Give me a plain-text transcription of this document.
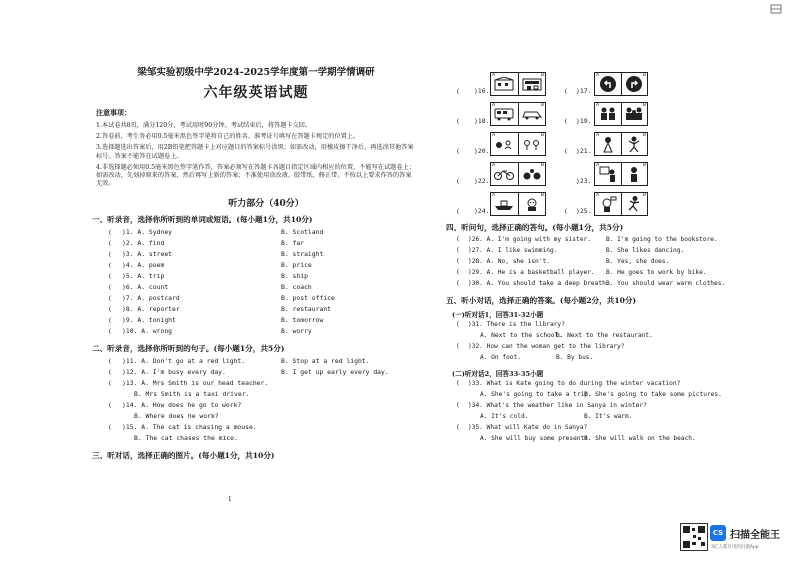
梁邹实验初级中学2024-2025学年度第一学期学情调研
六年级英语试题
注意事项：
1.本试卷共8页，满分120分，考试用时90分钟。考试结束后，将答题卡交回。
2.答卷前，考生务必用0.5毫米黑色签字笔将自己的姓名、准考证号填写在答题卡规定的位置上。
3.选择题选出答案后，用2B铅笔把答题卡上对应题目的答案标号涂黑；如需改动，用橡皮擦干净后，再选涂其他答案标号。答案不能答在试题卷上。
4.非选择题必须用0.5毫米黑色签字笔作答，答案必须写在答题卡各题目指定区域内相应的位置，不能写在试题卷上；如需改动，先划掉原来的答案，然后再写上新的答案；不准使用涂改液、胶带纸、修正带。不按以上要求作答的答案无效。
听力部分（40分）
一、听录音，选择你所听到的单词或短语。(每小题1分，共10分)
( )1. A. Sydney	B. Scotland
( )2. A. find	B. far
( )3. A. street	B. straight
( )4. A. poem	B. price
( )5. A. trip	B. ship
( )6. A. count	B. coach
( )7. A. postcard	B. post office
( )8. A. reporter	B. restaurant
( )9. A. tonight	B. tomorrow
( )10. A. wrong	B. worry
二、听录音，选择你所听到的句子。(每小题1分，共5分)
( )11. A. Don't go at a red light.	B. Stop at a red light.
( )12. A. I'm busy every day.	B. I get up early every day.
( )13. A. Mrs Smith is our head teacher.
B. Mrs Smith is a taxi driver.
( )14. A. How does he go to work?
B. Where does he work?
( )15. A. The cat is chasing a mouse.
B. The cat chases the mice.
三、听对话，选择正确的图片。(每小题1分，共10分)
( )16.
A	B
( )17.
A	B
( )18.
A	B
( )19.
A	B
( )20.
A	B
( )21.
A	B
( )22.
A	B
)23.
A	B
( )24.
A	B
( )25.
A	B
四、听问句，选择正确的答句。(每小题1分，共5分)
( )26. A. I'm going with my sister. B. I'm going to the bookstore.
( )27. A. I like swimming.	B. She likes dancing.
( )28. A. No, she isn't.	B. Yes, she does.
( )29. A. He is a basketball player. B. He goes to work by bike.
( )30. A. You should take a deep breath.
B. You should wear warm clothes.
五、听小对话，选择正确的答案。(每小题2分，共10分)
(一)听对话1，回答31-32小题
( )31. There is the library?
A. Next to the school.
B. Next to the restaurant.
( )32. How can the woman get to the library?
A. On foot.	B. By bus.
(二)听对话2，回答33-35小题
( )33. What is Kate going to do during the winter vacation?
A. She's going to take a trip.
B. She's going to take some pictures.
( )34. What's the weather like in Sanya in winter?
A. It's cold.	B. It's warm.
( )35. What will Kate do in Sanya?
A. She will buy some presents.
B. She will walk on the beach.
1
CS 扫描全能王
3亿人都在用的扫描App
